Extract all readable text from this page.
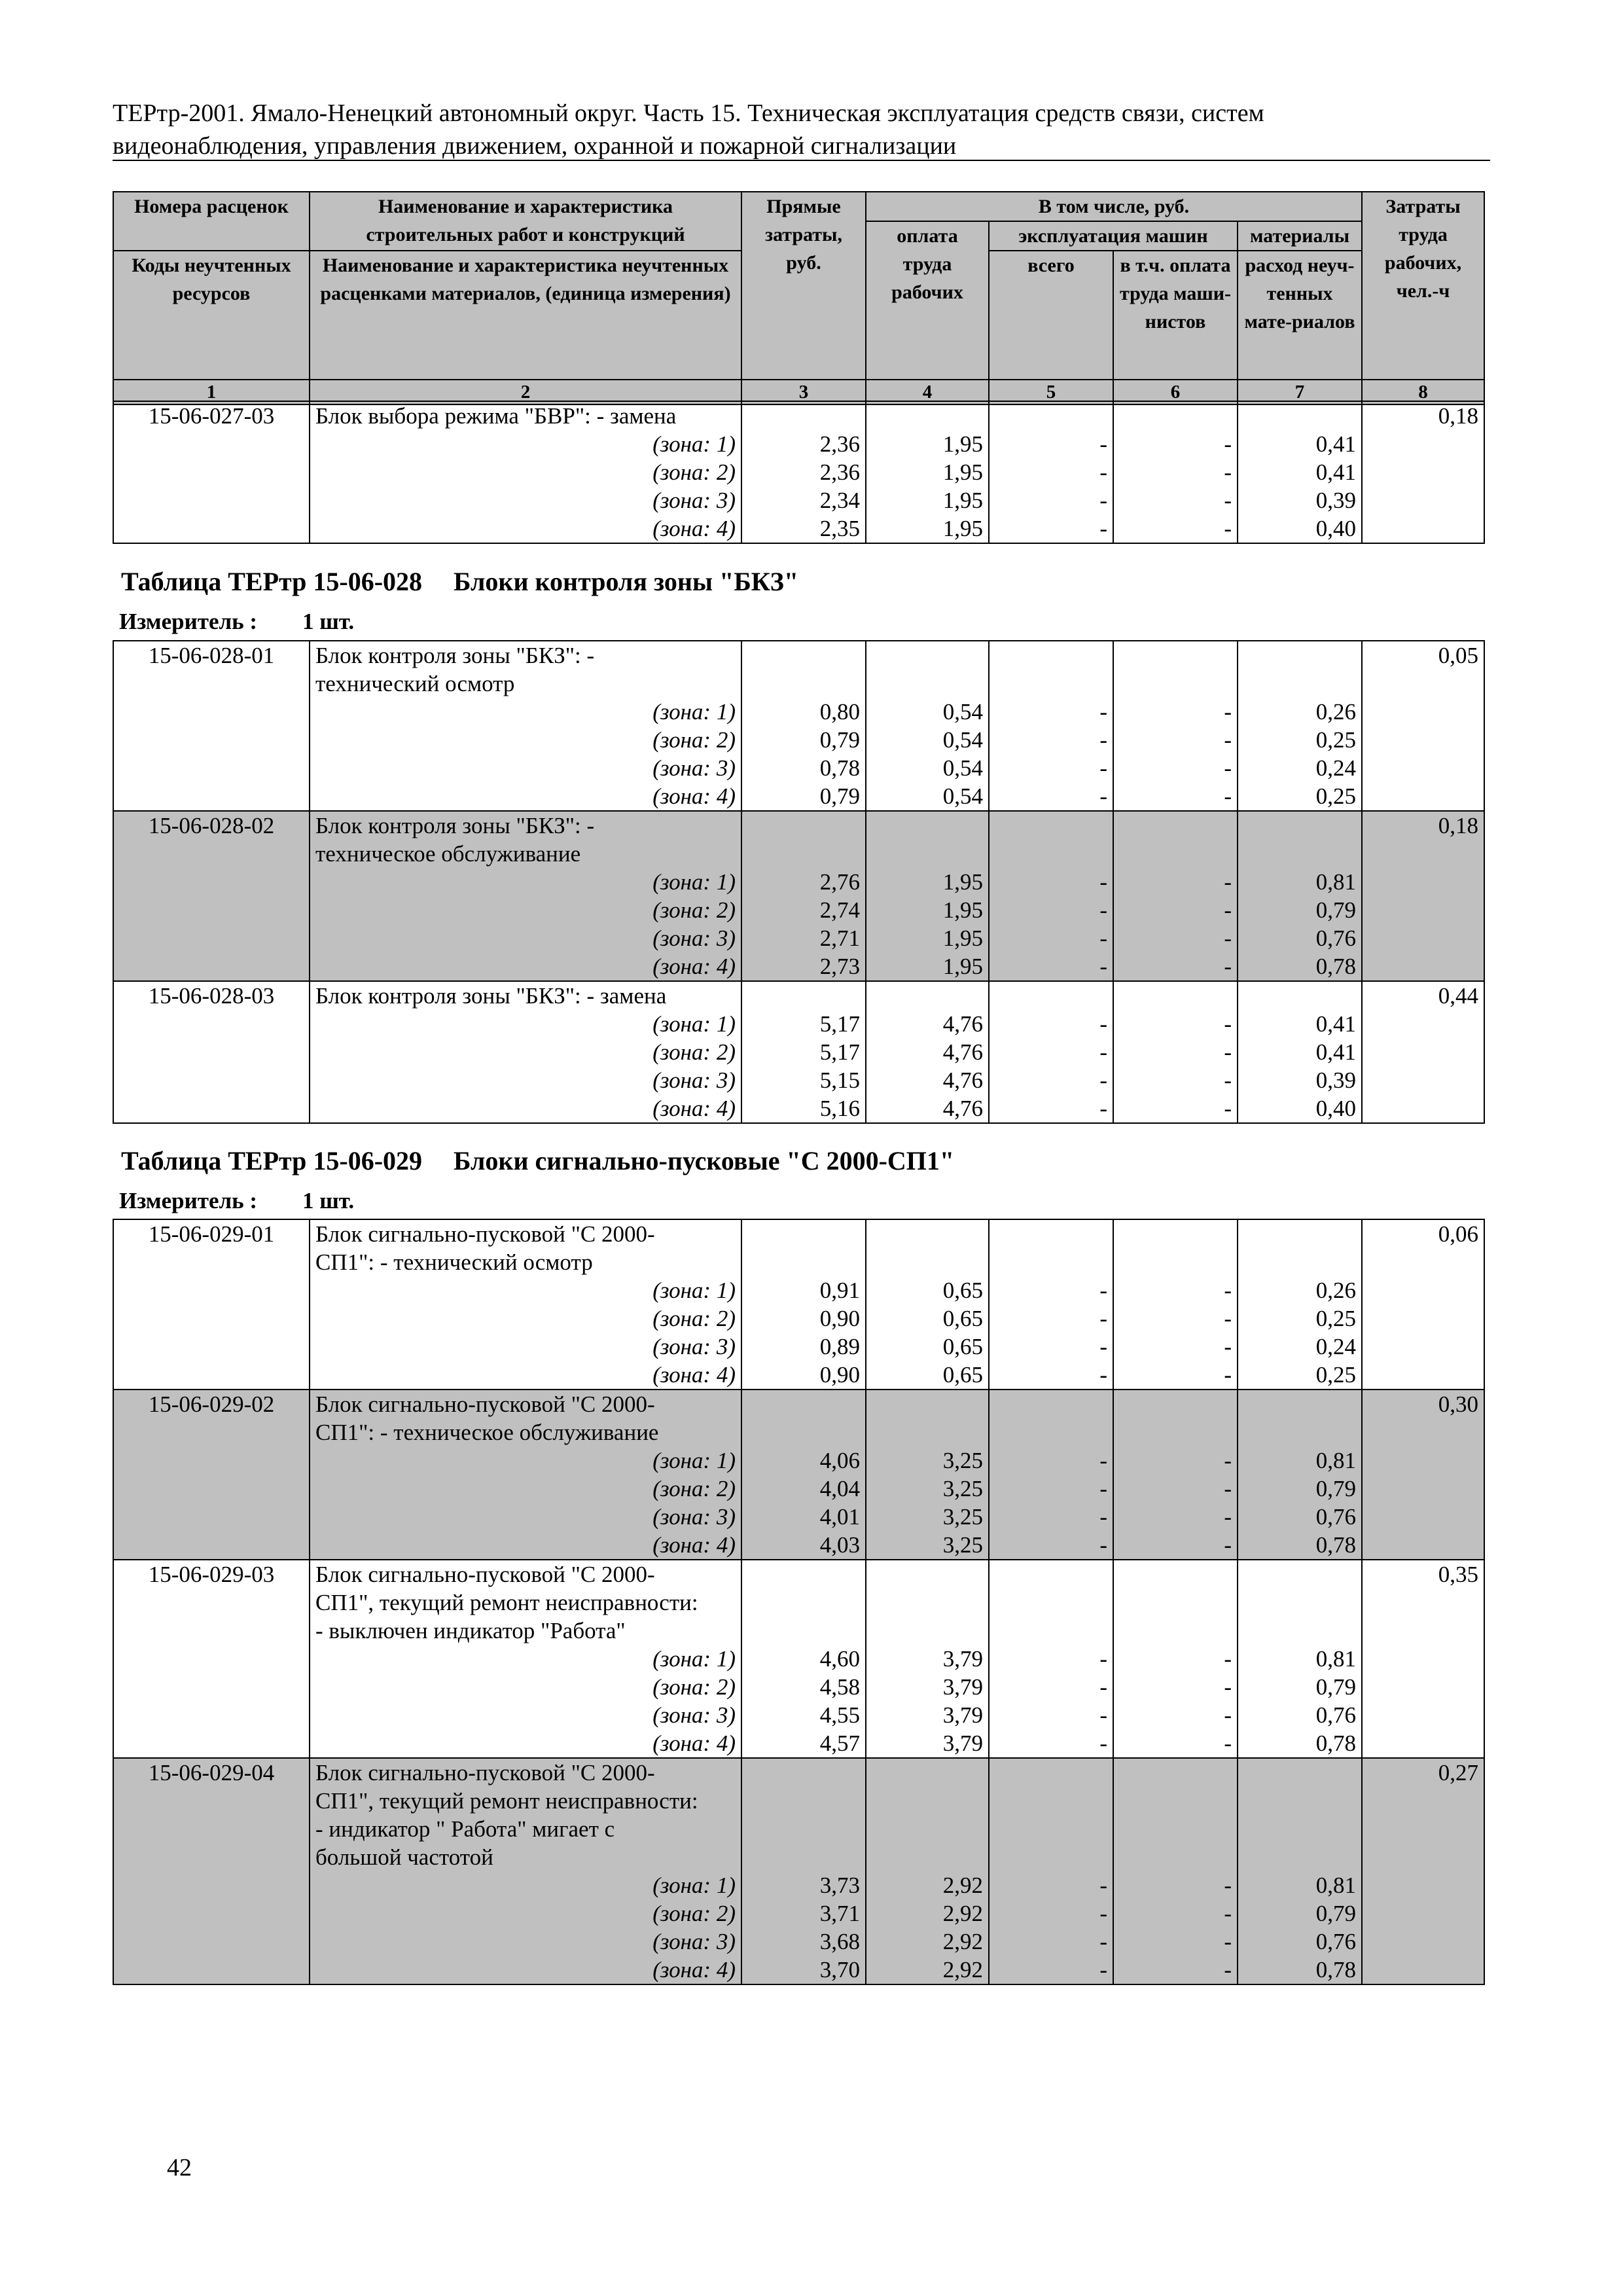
ТЕРтр-2001. Ямало-Ненецкий автономный округ. Часть 15. Техническая эксплуатация средств связи, систем
видеонаблюдения, управления движением, охранной и пожарной сигнализации
Номера расценок	Наименование и характеристика строительных работ и конструкций	Прямые затраты, руб.	В том числе, руб.				Затраты труда рабочих, чел.-ч
			оплата труда рабочих	эксплуатация машин		материалы	
Коды неучтенных ресурсов	Наименование и характеристика неучтенных расценками материалов, (единица измерения)			всего	в т.ч. оплата труда маши-нистов	расход неуч-тенных мате-риалов	

1	2	3	4	5	6	7	8
15-06-027-03	Блок выбора режима "БВР": - замена						0,18
	(зона: 1)	2,36	1,95	-	-	0,41	
	(зона: 2)	2,36	1,95	-	-	0,41	
	(зона: 3)	2,34	1,95	-	-	0,39	
	(зона: 4)	2,35	1,95	-	-	0,40	
Таблица ТЕРтр 15-06-028 Блоки контроля зоны "БКЗ"
Измеритель : 1 шт.
15-06-028-01	Блок контроля зоны "БКЗ": -						0,05
	технический осмотр						
	(зона: 1)	0,80	0,54	-	-	0,26	
	(зона: 2)	0,79	0,54	-	-	0,25	
	(зона: 3)	0,78	0,54	-	-	0,24	
	(зона: 4)	0,79	0,54	-	-	0,25	
15-06-028-02	Блок контроля зоны "БКЗ": -						0,18
	техническое обслуживание						
	(зона: 1)	2,76	1,95	-	-	0,81	
	(зона: 2)	2,74	1,95	-	-	0,79	
	(зона: 3)	2,71	1,95	-	-	0,76	
	(зона: 4)	2,73	1,95	-	-	0,78	
15-06-028-03	Блок контроля зоны "БКЗ": - замена						0,44
	(зона: 1)	5,17	4,76	-	-	0,41	
	(зона: 2)	5,17	4,76	-	-	0,41	
	(зона: 3)	5,15	4,76	-	-	0,39	
	(зона: 4)	5,16	4,76	-	-	0,40	
Таблица ТЕРтр 15-06-029 Блоки сигнально-пусковые "С 2000-СП1"
Измеритель : 1 шт.
15-06-029-01	Блок сигнально-пусковой "С 2000-						0,06
	СП1": - технический осмотр						
	(зона: 1)	0,91	0,65	-	-	0,26	
	(зона: 2)	0,90	0,65	-	-	0,25	
	(зона: 3)	0,89	0,65	-	-	0,24	
	(зона: 4)	0,90	0,65	-	-	0,25	
15-06-029-02	Блок сигнально-пусковой "С 2000-						0,30
	СП1": - техническое обслуживание						
	(зона: 1)	4,06	3,25	-	-	0,81	
	(зона: 2)	4,04	3,25	-	-	0,79	
	(зона: 3)	4,01	3,25	-	-	0,76	
	(зона: 4)	4,03	3,25	-	-	0,78	
15-06-029-03	Блок сигнально-пусковой "С 2000-						0,35
	СП1", текущий ремонт неисправности:						
	- выключен индикатор "Работа"						
	(зона: 1)	4,60	3,79	-	-	0,81	
	(зона: 2)	4,58	3,79	-	-	0,79	
	(зона: 3)	4,55	3,79	-	-	0,76	
	(зона: 4)	4,57	3,79	-	-	0,78	
15-06-029-04	Блок сигнально-пусковой "С 2000-						0,27
	СП1", текущий ремонт неисправности:						
	- индикатор " Работа" мигает с						
	большой частотой						
	(зона: 1)	3,73	2,92	-	-	0,81	
	(зона: 2)	3,71	2,92	-	-	0,79	
	(зона: 3)	3,68	2,92	-	-	0,76	
	(зона: 4)	3,70	2,92	-	-	0,78	
42
